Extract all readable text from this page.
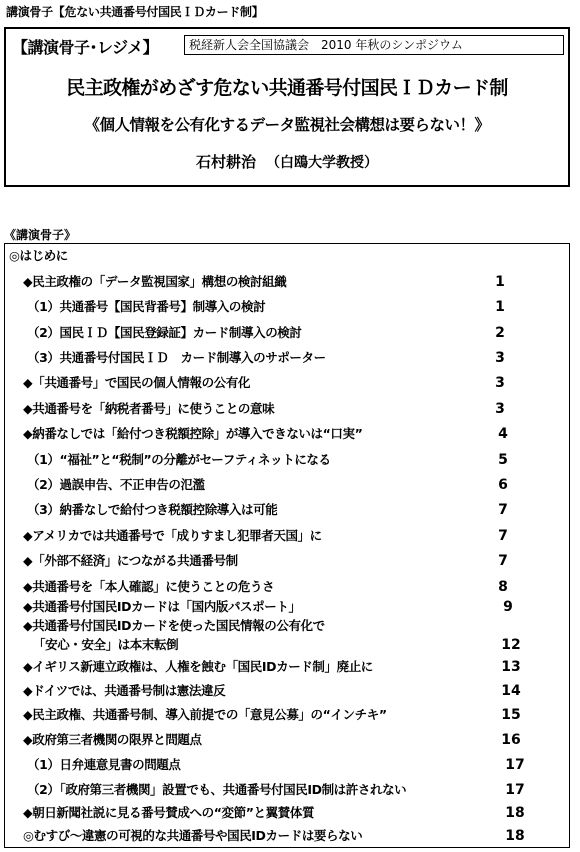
講演骨子【危ない共通番号付国民ＩＤカード制】
【講演骨子･レジメ】	税経新人会全国協議会　2010 年秋のシンポジウム
民主政権がめざす危ない共通番号付国民ＩＤカード制
《個人情報を公有化するデータ監視社会構想は要らない！》
石村耕治 （白鴎大学教授）
《講演骨子》
◎はじめに
◆民主政権の「データ監視国家」構想の検討組織	1
（1）共通番号【国民背番号】制導入の検討	1
（2）国民ＩＤ【国民登録証】カード制導入の検討	2
（3）共通番号付国民ＩＤ　カード制導入のサポーター	3
◆「共通番号」で国民の個人情報の公有化	3
◆共通番号を「納税者番号」に使うことの意味	3
◆納番なしでは「給付つき税額控除」が導入できないは“口実”	4
（1）“福祉”と“税制”の分離がセーフティネットになる	5
（2）過誤申告、不正申告の氾濫	6
（3）納番なしで給付つき税額控除導入は可能	7
◆アメリカでは共通番号で「成りすまし犯罪者天国」に	7
◆「外部不経済」につながる共通番号制	7
◆共通番号を「本人確認」に使うことの危うさ	8
◆共通番号付国民IDカードは「国内版パスポート」	9
◆共通番号付国民IDカードを使った国民情報の公有化で
「安心・安全」は本末転倒	12
◆イギリス新連立政権は、人権を蝕む「国民IDカード制」廃止に	13
◆ドイツでは、共通番号制は憲法違反	14
◆民主政権、共通番号制、導入前提での「意見公募」の“インチキ”	15
◆政府第三者機関の限界と問題点	16
（1）日弁連意見書の問題点	17
（2）「政府第三者機関」設置でも、共通番号付国民ID制は許されない	17
◆朝日新聞社説に見る番号賛成への“変節”と翼賛体質	18
◎むすび～違憲の可視的な共通番号や国民IDカードは要らない	18
